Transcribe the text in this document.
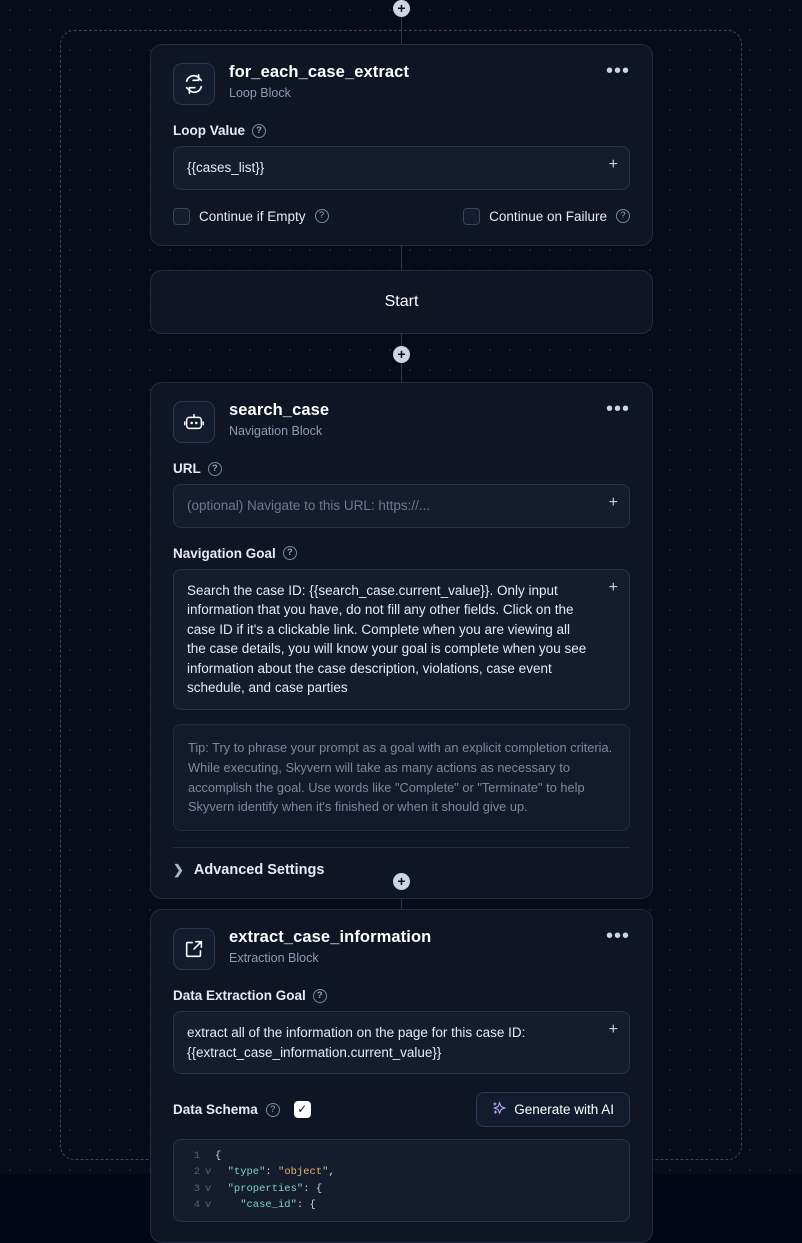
+
for_each_case_extract
Loop Block
•••
Loop Value	?
{{cases_list}}	+
Continue if Empty	?	Continue on Failure	?
Start
+
search_case
Navigation Block
•••
URL	?
(optional) Navigate to this URL: https://...	+
Navigation Goal	?
Search the case ID: {{search_case.current_value}}. Only input information that you have, do not fill any other fields. Click on the case ID if it's a clickable link. Complete when you are viewing all the case details, you will know your goal is complete when you see information about the case description, violations, case event schedule, and case parties
+
Tip: Try to phrase your prompt as a goal with an explicit completion criteria. While executing, Skyvern will take as many actions as necessary to accomplish the goal. Use words like "Complete" or "Terminate" to help Skyvern identify when it's finished or when it should give up.
❯ Advanced Settings
+
extract_case_information
Extraction Block
•••
Data Extraction Goal	?
extract all of the information on the page for this case ID: {{extract_case_information.current_value}}
+
Data Schema	?	✓	Generate with AI
1 {
2 v  "type": "object",
3 v  "properties": {
4 v    "case_id": {
